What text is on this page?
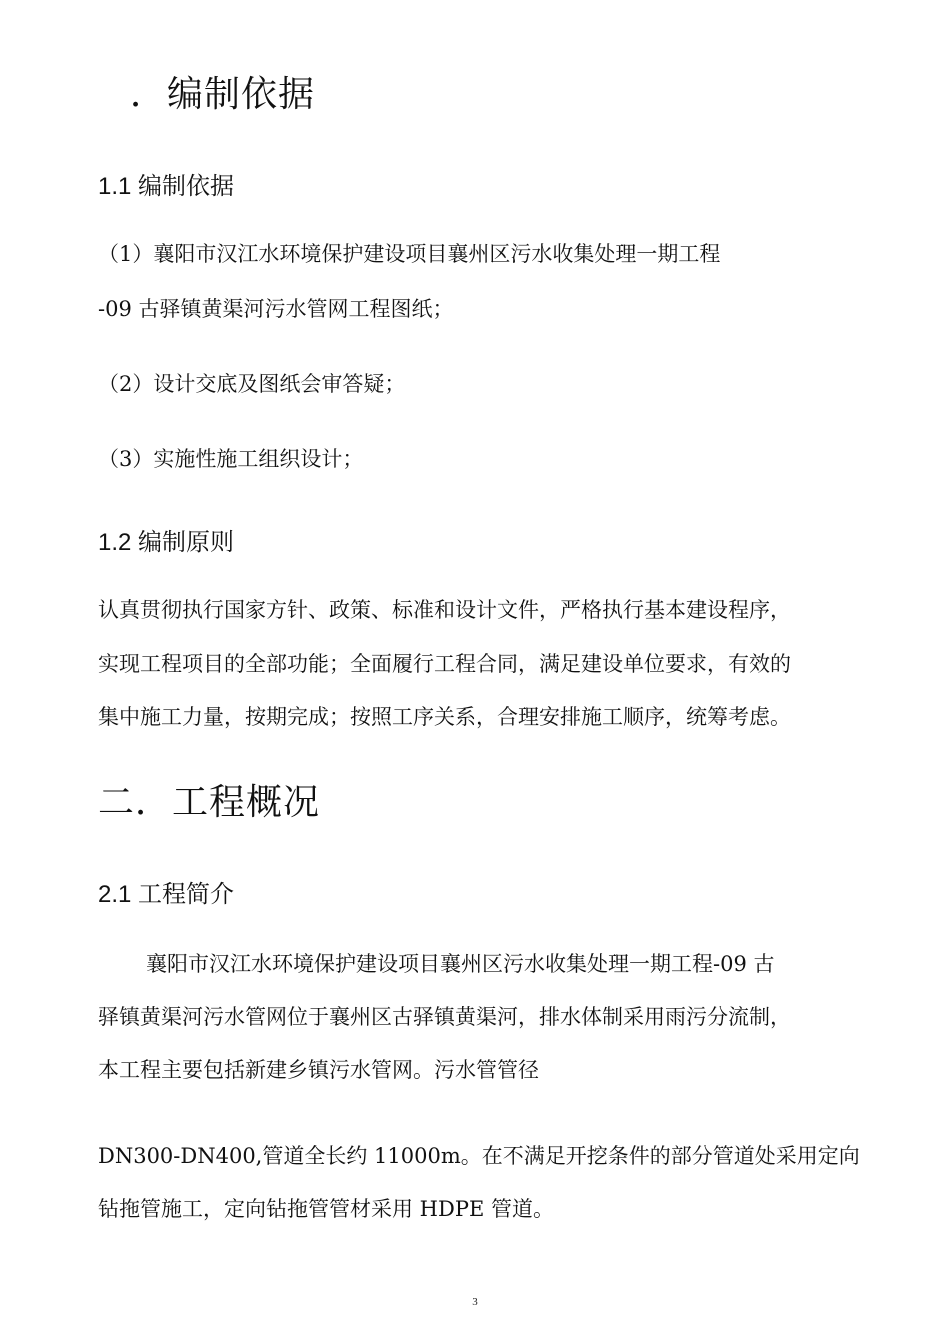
．编制依据
1.1 编制依据
（1）襄阳市汉江水环境保护建设项目襄州区污水收集处理一期工程
-09 古驿镇黄渠河污水管网工程图纸；
（2）设计交底及图纸会审答疑；
（3）实施性施工组织设计；
1.2 编制原则
认真贯彻执行国家方针、政策、标准和设计文件，严格执行基本建设程序，
实现工程项目的全部功能；全面履行工程合同，满足建设单位要求，有效的
集中施工力量，按期完成；按照工序关系，合理安排施工顺序，统筹考虑。
二．工程概况
2.1 工程简介
襄阳市汉江水环境保护建设项目襄州区污水收集处理一期工程-09 古
驿镇黄渠河污水管网位于襄州区古驿镇黄渠河，排水体制采用雨污分流制，
本工程主要包括新建乡镇污水管网。污水管管径
DN300-DN400,管道全长约 11000m。在不满足开挖条件的部分管道处采用定向
钻拖管施工，定向钻拖管管材采用 HDPE 管道。
3
